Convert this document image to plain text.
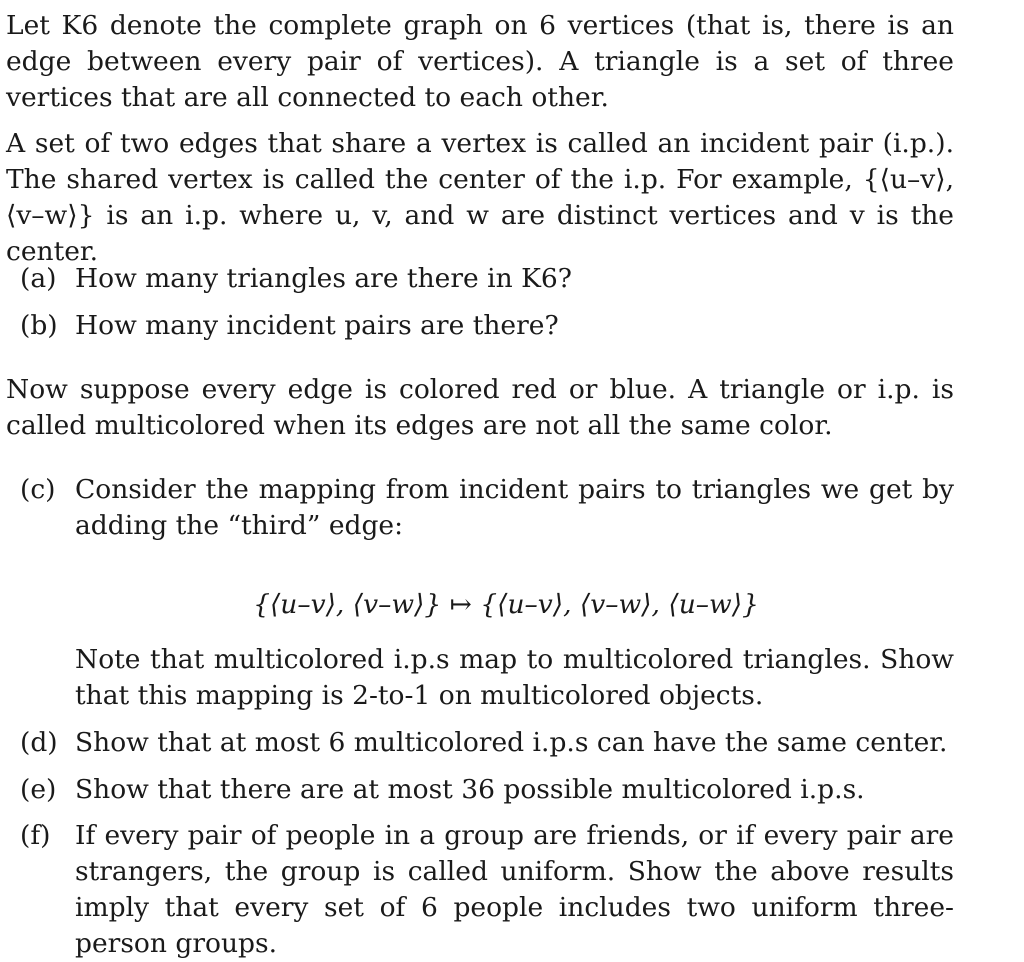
Let K6 denote the complete graph on 6 vertices (that is, there is an edge between every pair of vertices). A triangle is a set of three vertices that are all connected to each other.
A set of two edges that share a vertex is called an incident pair (i.p.). The shared vertex is called the center of the i.p. For example, {⟨u–v⟩, ⟨v–w⟩} is an i.p. where u, v, and w are distinct vertices and v is the center.
(a) How many triangles are there in K6?
(b) How many incident pairs are there?
Now suppose every edge is colored red or blue. A triangle or i.p. is called multicolored when its edges are not all the same color.
(c) Consider the mapping from incident pairs to triangles we get by adding the “third” edge:
{⟨u–v⟩, ⟨v–w⟩} ↦ {⟨u–v⟩, ⟨v–w⟩, ⟨u–w⟩}
Note that multicolored i.p.s map to multicolored triangles. Show that this mapping is 2-to-1 on multicolored objects.
(d) Show that at most 6 multicolored i.p.s can have the same center.
(e) Show that there are at most 36 possible multicolored i.p.s.
(f) If every pair of people in a group are friends, or if every pair are strangers, the group is called uniform. Show the above results imply that every set of 6 people includes two uniform three-person groups.
